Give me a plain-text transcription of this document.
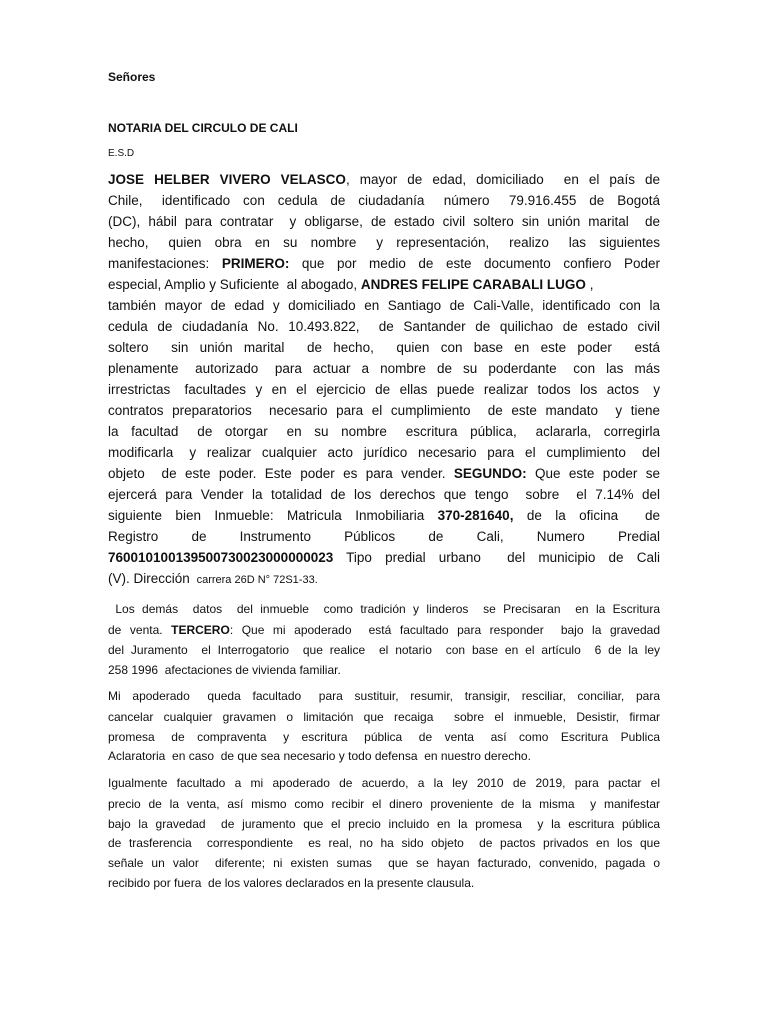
Señores
NOTARIA DEL CIRCULO DE CALI
E.S.D
JOSE HELBER VIVERO VELASCO, mayor de edad, domiciliado  en el país de
Chile,   identificado  con  cedula  de  ciudadanía   número   79.916.455  de  Bogotá
(DC), hábil para contratar  y obligarse, de estado civil soltero sin unión marital  de
hecho,   quien  obra  en  su  nombre   y  representación,   realizo   las  siguientes
manifestaciones: PRIMERO: que por medio de este documento confiero Poder
especial, Amplio y Suficiente  al abogado, ANDRES FELIPE CARABALI LUGO ,
también mayor de edad y domiciliado en Santiago de Cali-Valle, identificado con la
cedula de ciudadanía No. 10.493.822,  de Santander de quilichao de estado civil
soltero    sin  unión  marital    de  hecho,    quien  con  base  en  este  poder    está
plenamente   autorizado   para  actuar  a  nombre  de  su  poderdante   con  las  más
irrestrictas   facultades  y  en  el  ejercicio  de  ellas  puede  realizar  todos  los  actos   y
contratos preparatorios  necesario para el cumplimiento  de este mandato  y tiene
la  facultad   de  otorgar   en  su  nombre   escritura  pública,   aclararla,  corregirla
modificarla   y  realizar  cualquier  acto  jurídico  necesario  para  el  cumplimiento   del
objeto  de este poder. Este poder es para vender. SEGUNDO: Que este poder se
ejercerá para Vender la totalidad de los derechos que tengo  sobre  el 7.14% del
siguiente  bien  Inmueble:  Matricula  Inmobiliaria  370-281640,  de  la  oficina    de
Registro       de       Instrumento       Públicos       de       Cali,       Numero       Predial
760010100139500730023000000023 Tipo predial urbano  del municipio de Cali
(V). Dirección  carrera 26D N° 72S1-33.
Los demás  datos  del inmueble  como tradición y linderos  se Precisaran  en la Escritura
de venta. TERCERO: Que mi apoderado  está facultado para responder  bajo la gravedad
del Juramento  el Interrogatorio  que realice  el notario  con base en el artículo  6 de la ley
258 1996  afectaciones de vivienda familiar.
Mi  apoderado   queda  facultado   para  sustituir,  resumir,  transigir,  resciliar,  conciliar,  para
cancelar cualquier gravamen o limitación que recaiga  sobre el inmueble, Desistir, firmar
promesa    de   compraventa    y   escritura    pública    de   venta    así   como   Escritura   Publica
Aclaratoria  en caso  de que sea necesario y todo defensa  en nuestro derecho.
Igualmente facultado a mi apoderado de acuerdo, a la ley 2010 de 2019, para pactar el
precio de la venta, así mismo como recibir el dinero proveniente de la misma  y manifestar
bajo la gravedad  de juramento que el precio incluido en la promesa  y la escritura pública
de trasferencia  correspondiente  es real, no ha sido objeto  de pactos privados en los que
señale un valor  diferente; ni existen sumas  que se hayan facturado, convenido, pagada o
recibido por fuera  de los valores declarados en la presente clausula.
